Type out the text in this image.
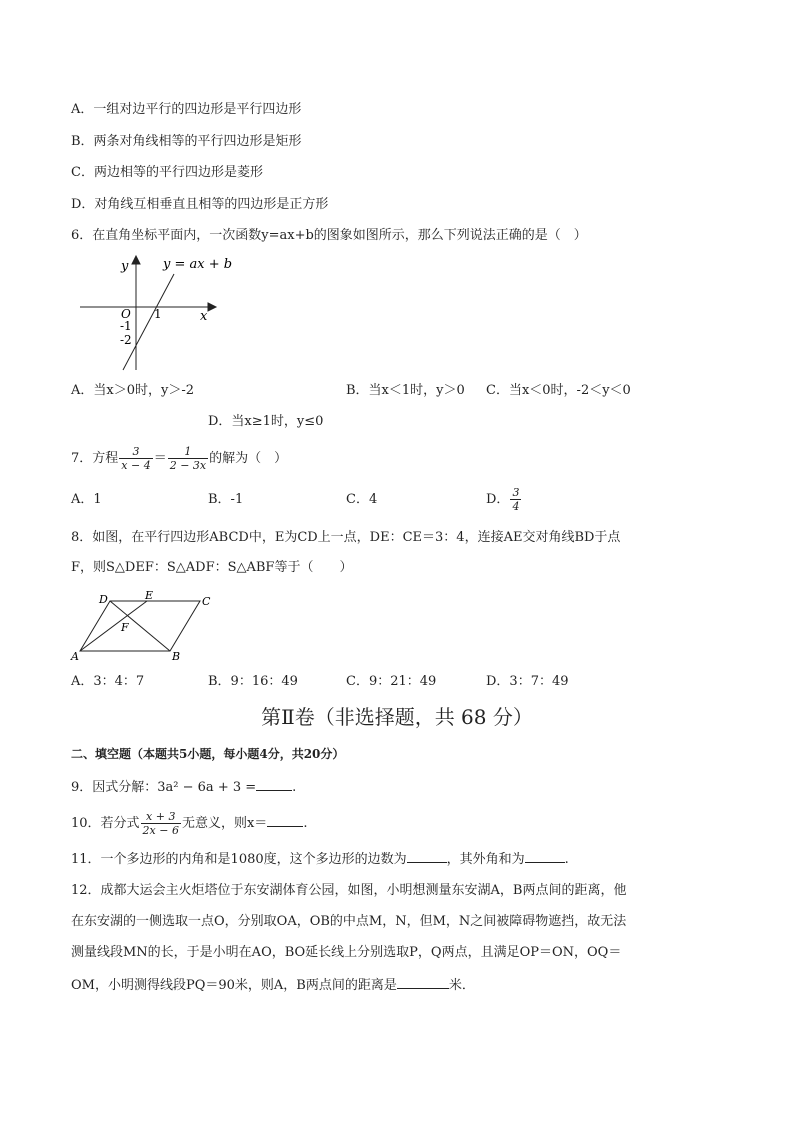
A．一组对边平行的四边形是平行四边形
B．两条对角线相等的平行四边形是矩形
C．两边相等的平行四边形是菱形
D．对角线互相垂直且相等的四边形是正方形
6．在直角坐标平面内，一次函数y=ax+b的图象如图所示，那么下列说法正确的是（　）
y
x
O 1
-1
-2
y = ax + b
A．当x＞0时，y＞-2	B．当x＜1时，y＞0 C．当x＜0时，-2＜y＜0
D．当x≥1时，y≤0
7．方程 $\frac{3}{x - 4} = \frac{1}{2 - 3x}$ 的解为（　）
A．1	B．-1	C．4	D． $\frac{3}{4}$
8．如图，在平行四边形ABCD中，E为CD上一点，DE：CE＝3：4，连接AE交对角线BD于点
F，则S△DEF：S△ADF：S△ABF等于（　　）
D	E	C
F
A	B
A．3：4：7	B．9：16：49	C．9：21：49	D．3：7：49
第Ⅱ卷（非选择题，共 68 分）
二、填空题（本题共5小题，每小题4分，共20分）
9．因式分解：3a² − 6a + 3 =	.
10．若分式 $\frac{x + 3}{2x - 6}$ 无意义，则x＝	.
11．一个多边形的内角和是1080度，这个多边形的边数为	，其外角和为	.
12．成都大运会主火炬塔位于东安湖体育公园，如图，小明想测量东安湖A，B两点间的距离，他
在东安湖的一侧选取一点O，分别取OA，OB的中点M，N，但M，N之间被障碍物遮挡，故无法
测量线段MN的长，于是小明在AO，BO延长线上分别选取P，Q两点，且满足OP＝ON，OQ＝
OM，小明测得线段PQ＝90米，则A，B两点间的距离是	米．
